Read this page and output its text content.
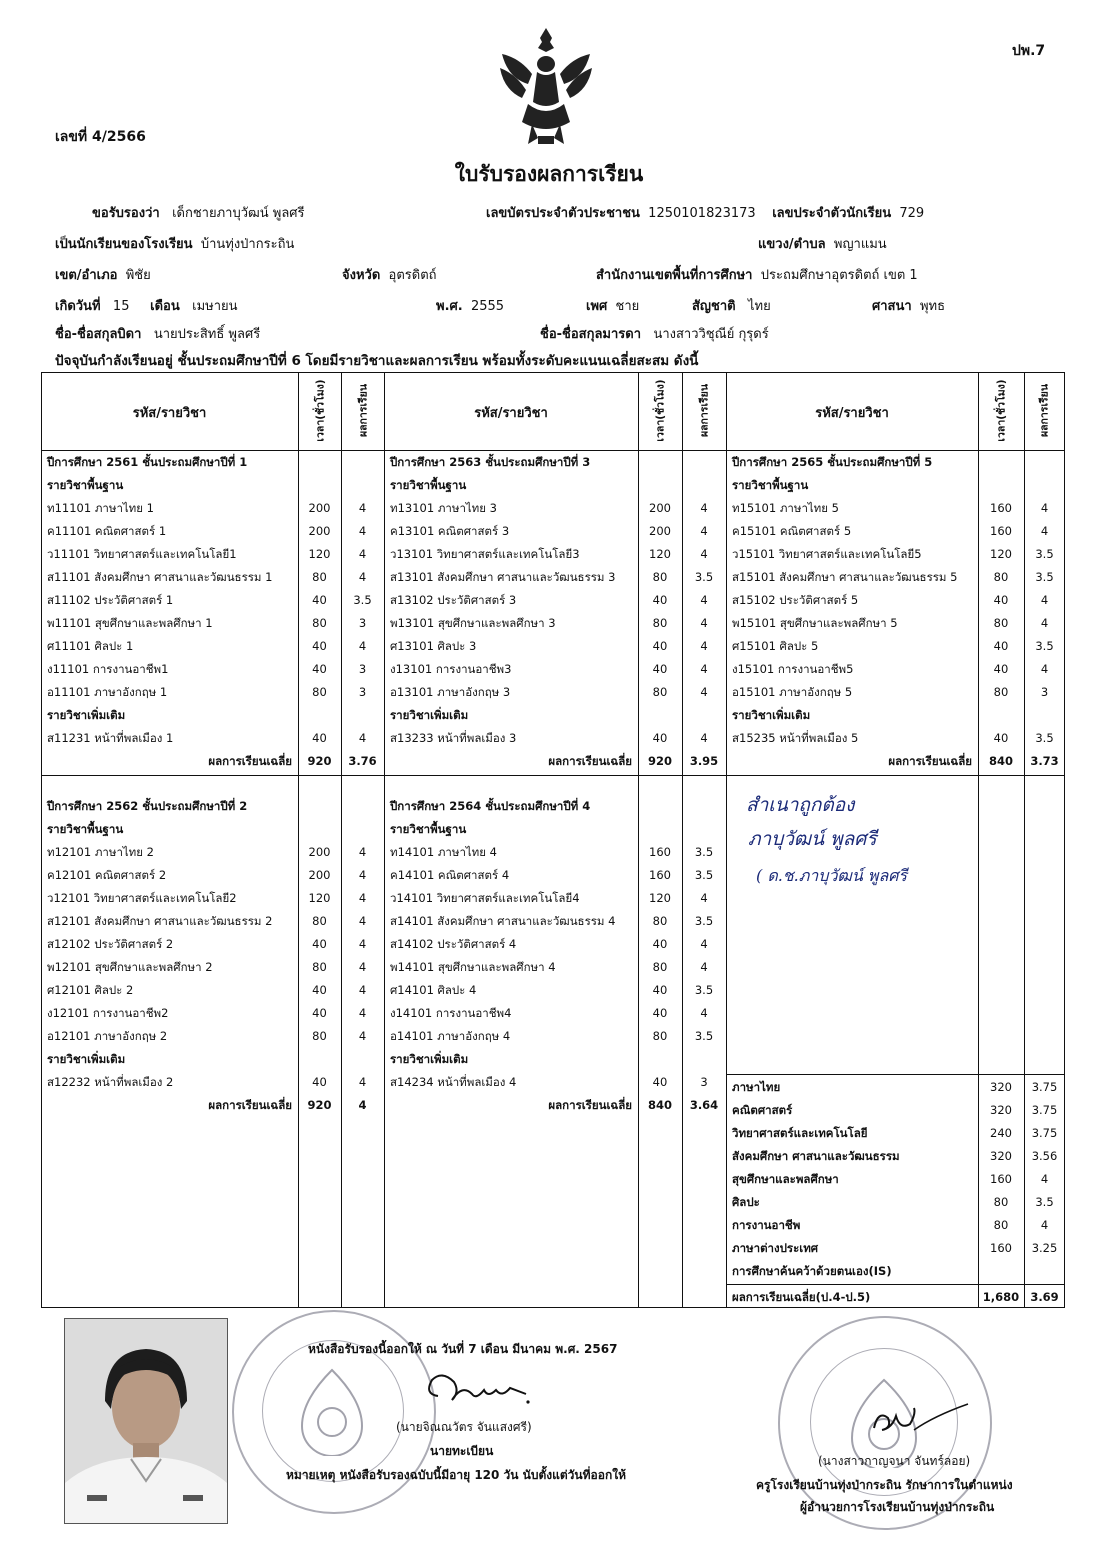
ปพ.7
เลขที่ 4/2566
ใบรับรองผลการเรียน
ขอรับรองว่า เด็กชายภาบุวัฒน์ พูลศรี	เลขบัตรประจำตัวประชาชน 1250101823173 เลขประจำตัวนักเรียน 729
เป็นนักเรียนของโรงเรียน บ้านทุ่งป่ากระถิน	แขวง/ตำบล พญาแมน
เขต/อำเภอ พิชัย	จังหวัด อุตรดิตถ์	สำนักงานเขตพื้นที่การศึกษา ประถมศึกษาอุตรดิตถ์ เขต 1
เกิดวันที่ 15 เดือน เมษายน	พ.ศ. 2555	เพศ ชาย	สัญชาติ ไทย	ศาสนา พุทธ
ชื่อ-ชื่อสกุลบิดา นายประสิทธิ์ พูลศรี	ชื่อ-ชื่อสกุลมารดา นางสาววิชุณีย์ กุรุดร์
ปัจจุบันกำลังเรียนอยู่ ชั้นประถมศึกษาปีที่ 6 โดยมีรายวิชาและผลการเรียน พร้อมทั้งระดับคะแนนเฉลี่ยสะสม ดังนี้
รหัส/รายวิชา	เวลา(ชั่วโมง)	ผลการเรียน	รหัส/รายวิชา	เวลา(ชั่วโมง)	ผลการเรียน	รหัส/รายวิชา	เวลา(ชั่วโมง)	ผลการเรียน
ปีการศึกษา 2561 ชั้นประถมศึกษาปีที่ 1
รายวิชาพื้นฐาน
ท11101 ภาษาไทย 1	200	4
ค11101 คณิตศาสตร์ 1	200	4
ว11101 วิทยาศาสตร์และเทคโนโลยี1	120	4
ส11101 สังคมศึกษา ศาสนาและวัฒนธรรม 1	80	4
ส11102 ประวัติศาสตร์ 1	40	3.5
พ11101 สุขศึกษาและพลศึกษา 1	80	3
ศ11101 ศิลปะ 1	40	4
ง11101 การงานอาชีพ1	40	3
อ11101 ภาษาอังกฤษ 1	80	3
รายวิชาเพิ่มเติม
ส11231 หน้าที่พลเมือง 1	40	4
ผลการเรียนเฉลี่ย	920	3.76
ปีการศึกษา 2562 ชั้นประถมศึกษาปีที่ 2
รายวิชาพื้นฐาน
ท12101 ภาษาไทย 2	200	4
ค12101 คณิตศาสตร์ 2	200	4
ว12101 วิทยาศาสตร์และเทคโนโลยี2	120	4
ส12101 สังคมศึกษา ศาสนาและวัฒนธรรม 2	80	4
ส12102 ประวัติศาสตร์ 2	40	4
พ12101 สุขศึกษาและพลศึกษา 2	80	4
ศ12101 ศิลปะ 2	40	4
ง12101 การงานอาชีพ2	40	4
อ12101 ภาษาอังกฤษ 2	80	4
รายวิชาเพิ่มเติม
ส12232 หน้าที่พลเมือง 2	40	4
ผลการเรียนเฉลี่ย	920	4
ปีการศึกษา 2563 ชั้นประถมศึกษาปีที่ 3
รายวิชาพื้นฐาน
ท13101 ภาษาไทย 3	200	4
ค13101 คณิตศาสตร์ 3	200	4
ว13101 วิทยาศาสตร์และเทคโนโลยี3	120	4
ส13101 สังคมศึกษา ศาสนาและวัฒนธรรม 3	80	3.5
ส13102 ประวัติศาสตร์ 3	40	4
พ13101 สุขศึกษาและพลศึกษา 3	80	4
ศ13101 ศิลปะ 3	40	4
ง13101 การงานอาชีพ3	40	4
อ13101 ภาษาอังกฤษ 3	80	4
รายวิชาเพิ่มเติม
ส13233 หน้าที่พลเมือง 3	40	4
ผลการเรียนเฉลี่ย	920	3.95
ปีการศึกษา 2564 ชั้นประถมศึกษาปีที่ 4
รายวิชาพื้นฐาน
ท14101 ภาษาไทย 4	160	3.5
ค14101 คณิตศาสตร์ 4	160	3.5
ว14101 วิทยาศาสตร์และเทคโนโลยี4	120	4
ส14101 สังคมศึกษา ศาสนาและวัฒนธรรม 4	80	3.5
ส14102 ประวัติศาสตร์ 4	40	4
พ14101 สุขศึกษาและพลศึกษา 4	80	4
ศ14101 ศิลปะ 4	40	3.5
ง14101 การงานอาชีพ4	40	4
อ14101 ภาษาอังกฤษ 4	80	3.5
รายวิชาเพิ่มเติม
ส14234 หน้าที่พลเมือง 4	40	3
ผลการเรียนเฉลี่ย	840	3.64
ปีการศึกษา 2565 ชั้นประถมศึกษาปีที่ 5
รายวิชาพื้นฐาน
ท15101 ภาษาไทย 5	160	4
ค15101 คณิตศาสตร์ 5	160	4
ว15101 วิทยาศาสตร์และเทคโนโลยี5	120	3.5
ส15101 สังคมศึกษา ศาสนาและวัฒนธรรม 5	80	3.5
ส15102 ประวัติศาสตร์ 5	40	4
พ15101 สุขศึกษาและพลศึกษา 5	80	4
ศ15101 ศิลปะ 5	40	3.5
ง15101 การงานอาชีพ5	40	4
อ15101 ภาษาอังกฤษ 5	80	3
รายวิชาเพิ่มเติม
ส15235 หน้าที่พลเมือง 5	40	3.5
ผลการเรียนเฉลี่ย	840	3.73
ภาษาไทย	320	3.75
คณิตศาสตร์	320	3.75
วิทยาศาสตร์และเทคโนโลยี	240	3.75
สังคมศึกษา ศาสนาและวัฒนธรรม	320	3.56
สุขศึกษาและพลศึกษา	160	4
ศิลปะ	80	3.5
การงานอาชีพ	80	4
ภาษาต่างประเทศ	160	3.25
การศึกษาค้นคว้าด้วยตนเอง(IS)
ผลการเรียนเฉลี่ย(ป.4-ป.5)	1,680 3.69
สำเนาถูกต้อง
ภาบุวัฒน์ พูลศรี
( ด.ช.ภาบุวัฒน์ พูลศรี
หนังสือรับรองนี้ออกให้ ณ วันที่ 7 เดือน มีนาคม พ.ศ. 2567
(นายจิณณวัตร จันแสงศรี)
นายทะเบียน
หมายเหตุ หนังสือรับรองฉบับนี้มีอายุ 120 วัน นับตั้งแต่วันที่ออกให้
(นางสาวกาญจนา จันทร์ลอย)
ครูโรงเรียนบ้านทุ่งป่ากระถิน รักษาการในตำแหน่ง
ผู้อำนวยการโรงเรียนบ้านทุ่งป่ากระถิน
